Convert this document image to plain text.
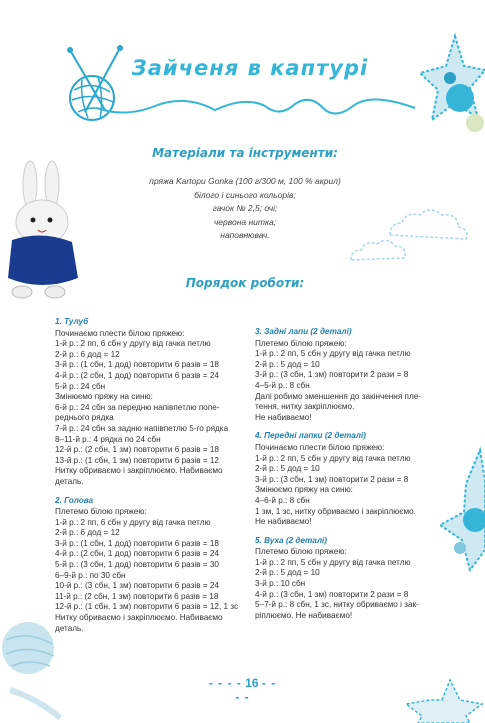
Зайченя в каптурі
Матеріали та інструменти:
пряжа Kartopu Gonka (100 г/300 м, 100 % акрил)
білого і синього кольорів;
гачок № 2,5; очі;
червона нитка;
наповнювач.
Порядок роботи:
1. Тулуб
Починаємо плести білою пряжею:
1-й р.: 2 пп, 6 сбн у другу від гачка петлю
2-й р.: 6 дод = 12
3-й р.: (1 сбн, 1 дод) повторити 6 разів = 18
4-й р.: (2 сбн, 1 дод) повторити 6 разів = 24
5-й р.: 24 сбн
Змінюємо пряжу на синю:
6-й р.: 24 сбн за передню напівпетлю попе-
реднього рядка
7-й р.: 24 сбн за задню напівпетлю 5-го рядка
8–11-й р.: 4 рядка по 24 сбн
12-й р.: (2 сбн, 1 зм) повторити 6 разів = 18
13-й р.: (1 сбн, 1 зм) повторити 6 разів = 12
Нитку обриваємо і закріплюємо. Набиваємо
деталь.
2. Голова
Плетемо білою пряжею:
1-й р.: 2 пп, 6 сбн у другу від гачка петлю
2-й р.: 6 дод = 12
3-й р.: (1 сбн, 1 дод) повторити 6 разів = 18
4-й р.: (2 сбн, 1 дод) повторити 6 разів = 24
5-й р.: (3 сбн, 1 дод) повторити 6 разів = 30
6–9-й р.: по 30 сбн
10-й р.: (3 сбн, 1 зм) повторити 6 разів = 24
11-й р.: (2 сбн, 1 зм) повторити 6 разів = 18
12-й р.: (1 сбн, 1 зм) повторити 6 разів = 12, 1 зс
Нитку обриваємо і закріплюємо. Набиваємо
деталь.
3. Задні лапи (2 деталі)
Плетемо білою пряжею:
1-й р.: 2 пп, 5 сбн у другу від гачка петлю
2-й р.: 5 дод = 10
3-й р.: (3 сбн, 1 зм) повторити 2 рази = 8
4–5-й р.: 8 сбн
Далі робимо зменшення до закінчення пле-
тення, нитку закріплюємо.
Не набиваємо!
4. Передні лапки (2 деталі)
Починаємо плести білою пряжею:
1-й р.: 2 пп, 5 сбн у другу від гачка петлю
2-й р.: 5 дод = 10
3-й р.: (3 сбн, 1 зм) повторити 2 рази = 8
Змінюємо пряжу на синю:
4–6-й р.: 8 сбн
1 зм, 1 зс, нитку обриваємо і закріплюємо.
Не набиваємо!
5. Вуха (2 деталі)
Плетемо білою пряжею:
1-й р.: 2 пп, 5 сбн у другу від гачка петлю
2-й р.: 5 дод = 10
3-й р.: 10 сбн
4-й р.: (3 сбн, 1 зм) повторити 2 рази = 8
5–7-й р.: 8 сбн, 1 зс, нитку обриваємо і зак-
ріплюємо. Не набиваємо!
- - - - 16 - - - -
